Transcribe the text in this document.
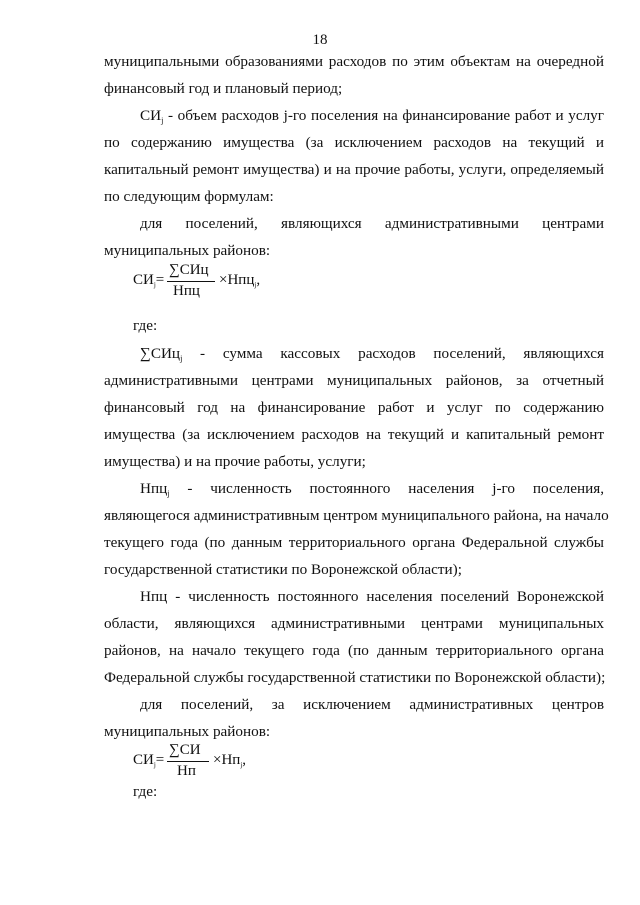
18
муниципальными образованиями расходов по этим объектам на очередной
финансовый год и плановый период;
$СИ_j$ - объем расходов j-го поселения на финансирование работ и услуг
по содержанию имущества (за исключением расходов на текущий и
капитальный ремонт имущества) и на прочие работы, услуги, определяемый
по следующим формулам:
для поселений, являющихся административными центрами
муниципальных районов:
$СИ_j=$
∑СИц
Нпц
×Нпц$_j$,
где:
∑СИц$_j$ - сумма кассовых расходов поселений, являющихся
административными центрами муниципальных районов, за отчетный
финансовый год на финансирование работ и услуг по содержанию
имущества (за исключением расходов на текущий и капитальный ремонт
имущества) и на прочие работы, услуги;
Нпц$_j$ - численность постоянного населения j-го поселения,
являющегося административным центром муниципального района, на начало
текущего года (по данным территориального органа Федеральной службы
государственной статистики по Воронежской области);
Нпц - численность постоянного населения поселений Воронежской
области, являющихся административными центрами муниципальных
районов, на начало текущего года (по данным территориального органа
Федеральной службы государственной статистики по Воронежской области);
для поселений, за исключением административных центров
муниципальных районов:
$СИ_j=$
∑СИ
Нп
$\times Нп_j$,
где:
